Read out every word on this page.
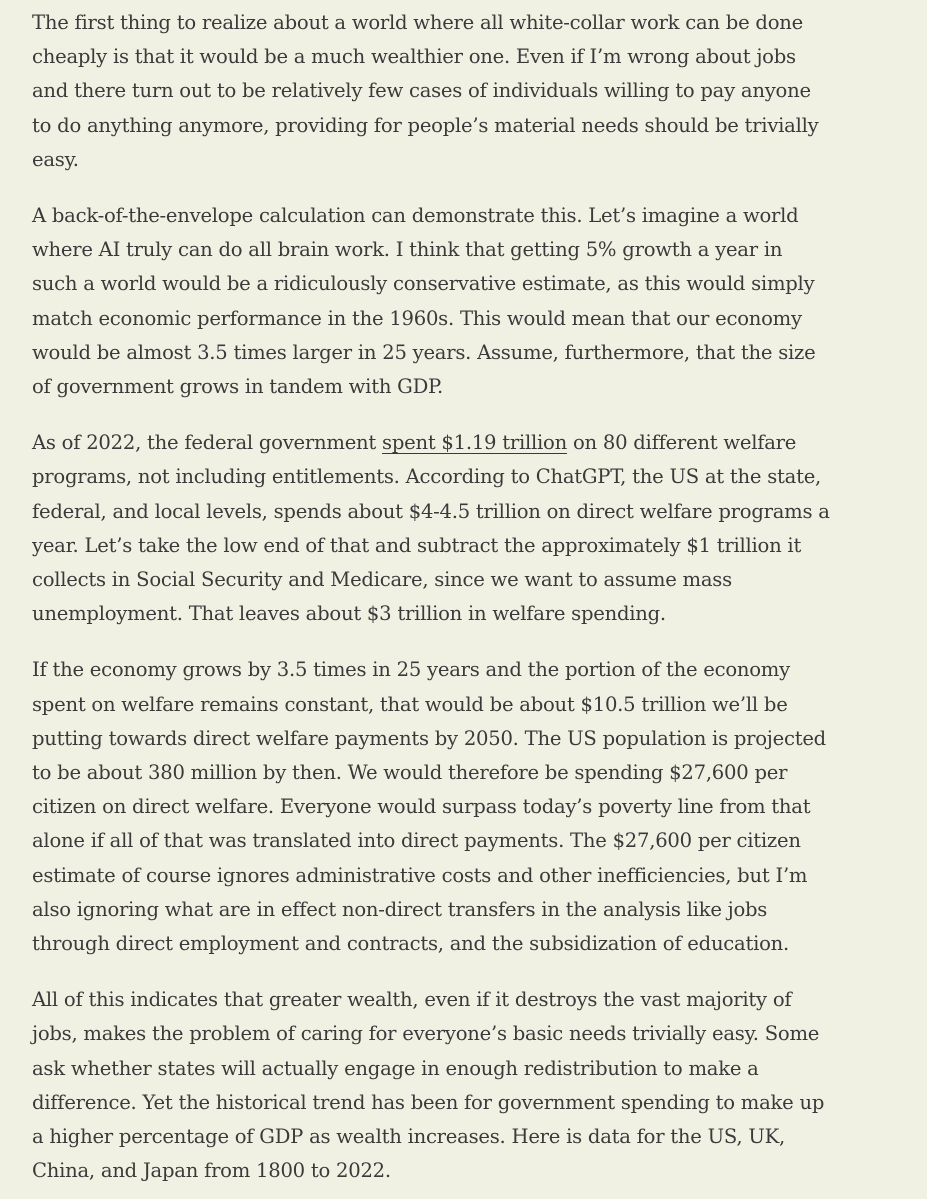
The first thing to realize about a world where all white-collar work can be done
cheaply is that it would be a much wealthier one. Even if I’m wrong about jobs
and there turn out to be relatively few cases of individuals willing to pay anyone
to do anything anymore, providing for people’s material needs should be trivially
easy.

A back-of-the-envelope calculation can demonstrate this. Let’s imagine a world
where AI truly can do all brain work. I think that getting 5% growth a year in
such a world would be a ridiculously conservative estimate, as this would simply
match economic performance in the 1960s. This would mean that our economy
would be almost 3.5 times larger in 25 years. Assume, furthermore, that the size
of government grows in tandem with GDP.

As of 2022, the federal government spent $1.19 trillion on 80 different welfare
programs, not including entitlements. According to ChatGPT, the US at the state,
federal, and local levels, spends about $4-4.5 trillion on direct welfare programs a
year. Let’s take the low end of that and subtract the approximately $1 trillion it
collects in Social Security and Medicare, since we want to assume mass
unemployment. That leaves about $3 trillion in welfare spending.

If the economy grows by 3.5 times in 25 years and the portion of the economy
spent on welfare remains constant, that would be about $10.5 trillion we’ll be
putting towards direct welfare payments by 2050. The US population is projected
to be about 380 million by then. We would therefore be spending $27,600 per
citizen on direct welfare. Everyone would surpass today’s poverty line from that
alone if all of that was translated into direct payments. The $27,600 per citizen
estimate of course ignores administrative costs and other inefficiencies, but I’m
also ignoring what are in effect non-direct transfers in the analysis like jobs
through direct employment and contracts, and the subsidization of education.

All of this indicates that greater wealth, even if it destroys the vast majority of
jobs, makes the problem of caring for everyone’s basic needs trivially easy. Some
ask whether states will actually engage in enough redistribution to make a
difference. Yet the historical trend has been for government spending to make up
a higher percentage of GDP as wealth increases. Here is data for the US, UK,
China, and Japan from 1800 to 2022.
